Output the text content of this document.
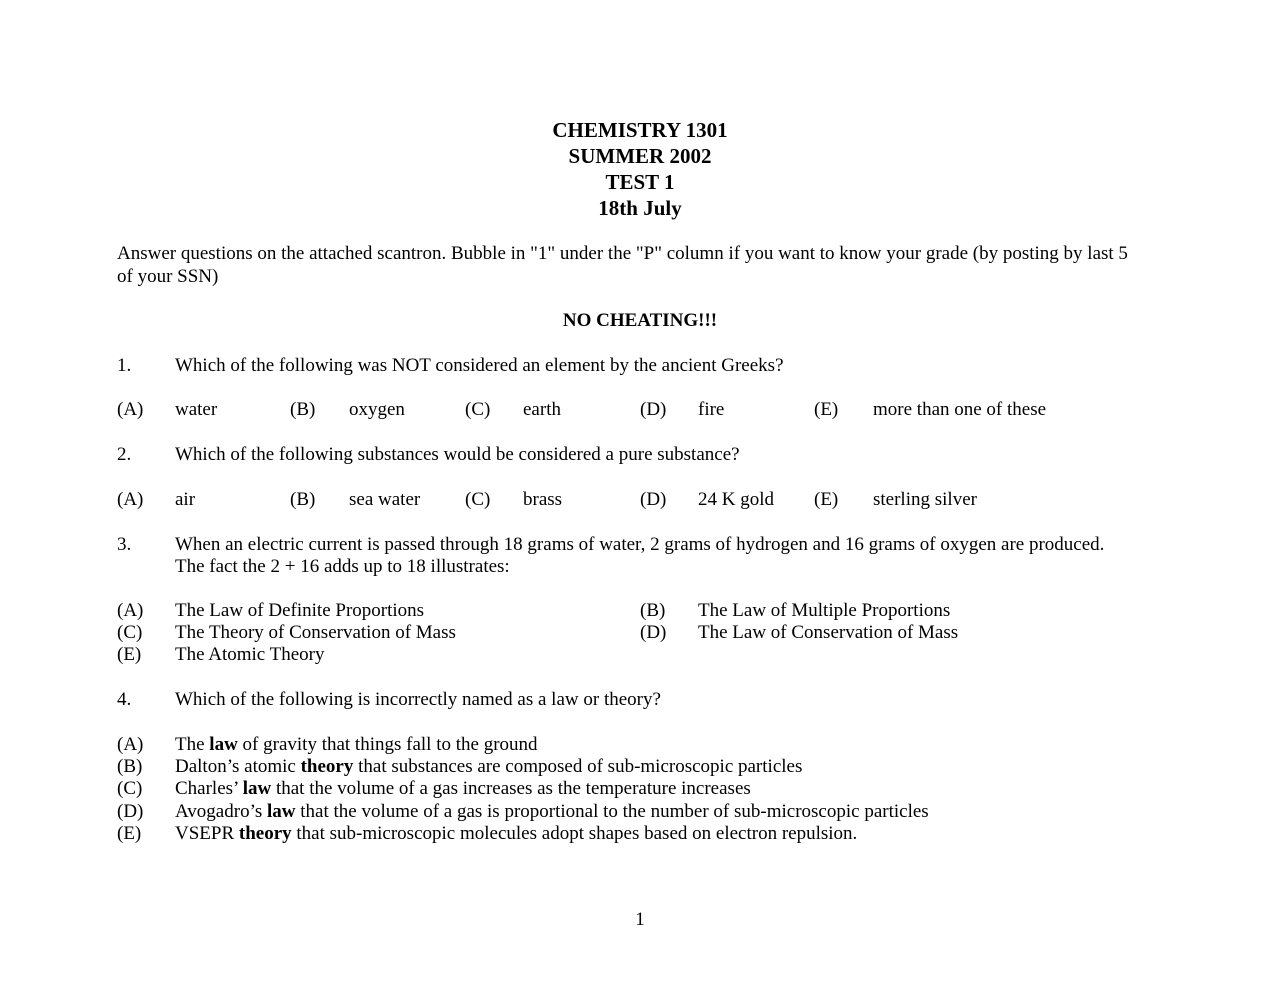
CHEMISTRY 1301
SUMMER 2002
TEST 1
18th July
Answer questions on the attached scantron. Bubble in "1" under the "P" column if you want to know your grade (by posting by last 5
of your SSN)
NO CHEATING!!!
1. Which of the following was NOT considered an element by the ancient Greeks?
(A) water	(B) oxygen	(C) earth	(D) fire	(E) more than one of these
2. Which of the following substances would be considered a pure substance?
(A) air	(B) sea water (C) brass	(D) 24 K gold (E) sterling silver
3. When an electric current is passed through 18 grams of water, 2 grams of hydrogen and 16 grams of oxygen are produced.
The fact the 2 + 16 adds up to 18 illustrates:
(A) The Law of Definite Proportions	(B) The Law of Multiple Proportions
(C) The Theory of Conservation of Mass	(D) The Law of Conservation of Mass
(E) The Atomic Theory
4. Which of the following is incorrectly named as a law or theory?
(A) The law of gravity that things fall to the ground
(B) Dalton’s atomic theory that substances are composed of sub-microscopic particles
(C) Charles’ law that the volume of a gas increases as the temperature increases
(D) Avogadro’s law that the volume of a gas is proportional to the number of sub-microscopic particles
(E) VSEPR theory that sub-microscopic molecules adopt shapes based on electron repulsion.
1
